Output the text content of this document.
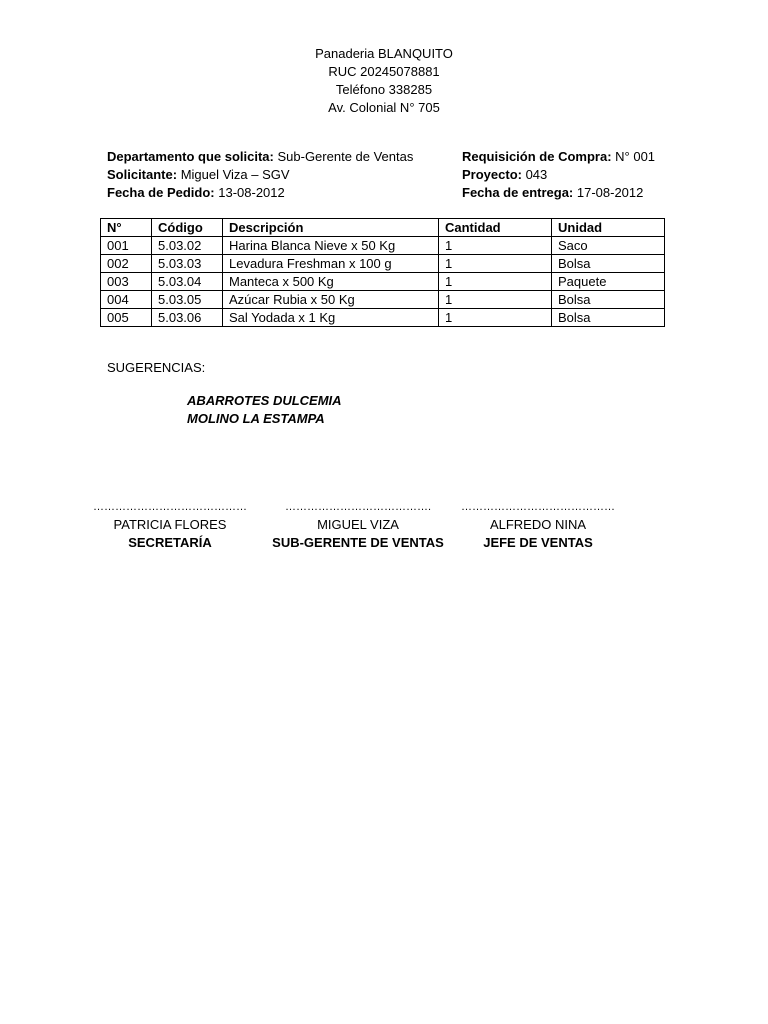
Panaderia BLANQUITO
RUC 20245078881
Teléfono 338285
Av. Colonial N° 705
Departamento que solicita: Sub-Gerente de Ventas
Solicitante: Miguel Viza – SGV
Fecha de Pedido: 13-08-2012
Requisición de Compra: N° 001
Proyecto: 043
Fecha de entrega: 17-08-2012
N°	Código	Descripción	Cantidad	Unidad
001	5.03.02	Harina Blanca Nieve x 50 Kg	1	Saco
002	5.03.03	Levadura Freshman x 100 g	1	Bolsa
003	5.03.04	Manteca x 500 Kg	1	Paquete
004	5.03.05	Azúcar Rubia x 50 Kg	1	Bolsa
005	5.03.06	Sal Yodada x 1 Kg	1	Bolsa
SUGERENCIAS:
ABARROTES DULCEMIA
MOLINO LA ESTAMPA
……………………………………
PATRICIA FLORES
SECRETARÍA
………………………………….
MIGUEL VIZA
SUB-GERENTE DE VENTAS
……………………………………
ALFREDO NINA
JEFE DE VENTAS
